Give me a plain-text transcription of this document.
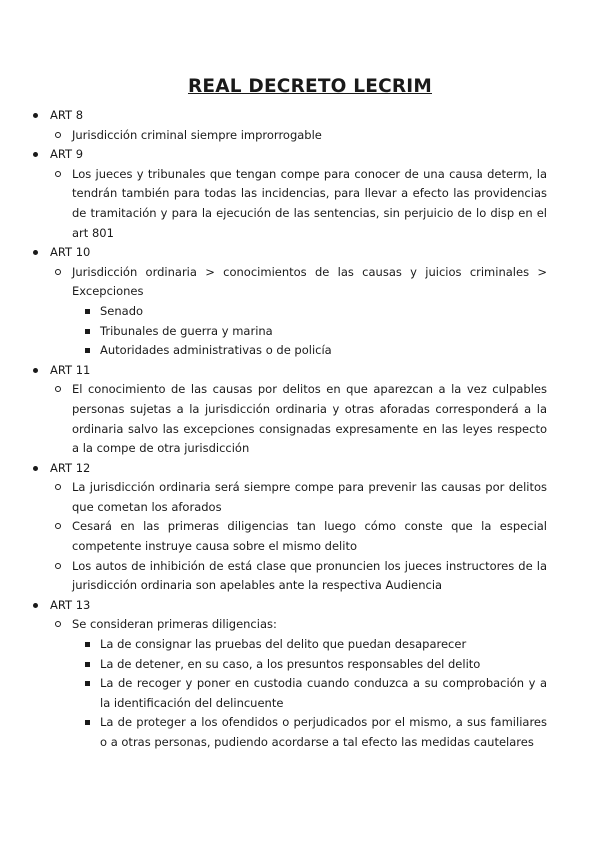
REAL DECRETO LECRIM
ART 8
Jurisdicción criminal siempre improrrogable
ART 9
Los jueces y tribunales que tengan compe para conocer de una causa determ, la tendrán también para todas las incidencias, para llevar a efecto las providencias de tramitación y para la ejecución de las sentencias, sin perjuicio de lo disp en el art 801
ART 10
Jurisdicción ordinaria > conocimientos de las causas y juicios criminales > Excepciones
Senado
Tribunales de guerra y marina
Autoridades administrativas o de policía
ART 11
El conocimiento de las causas por delitos en que aparezcan a la vez culpables personas sujetas a la jurisdicción ordinaria y otras aforadas corresponderá a la ordinaria salvo las excepciones consignadas expresamente en las leyes respecto a la compe de otra jurisdicción
ART 12
La jurisdicción ordinaria será siempre compe para prevenir las causas por delitos que cometan los aforados
Cesará en las primeras diligencias tan luego cómo conste que la especial competente instruye causa sobre el mismo delito
Los autos de inhibición de está clase que pronuncien los jueces instructores de la jurisdicción ordinaria son apelables ante la respectiva Audiencia
ART 13
Se consideran primeras diligencias:
La de consignar las pruebas del delito que puedan desaparecer
La de detener, en su caso, a los presuntos responsables del delito
La de recoger y poner en custodia cuando conduzca a su comprobación y a la identificación del delincuente
La de proteger a los ofendidos o perjudicados por el mismo, a sus familiares o a otras personas, pudiendo acordarse a tal efecto las medidas cautelares
